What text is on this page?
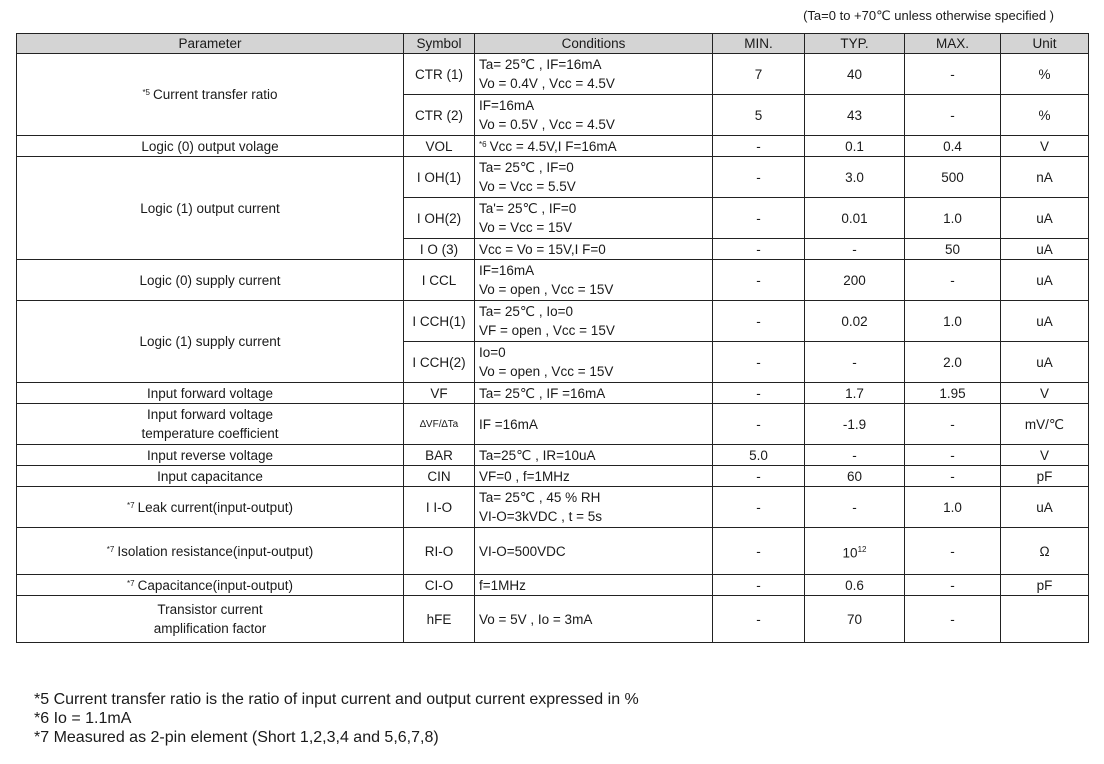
(Ta=0 to +70℃ unless otherwise specified )
Parameter	Symbol	Conditions	MIN.	TYP.	MAX.	Unit
$^{*5}$ Current transfer ratio	CTR (1)	Ta= 25℃ , IF=16mA
Vo = 0.4V , Vcc = 4.5V	7	40	-	%
	CTR (2)	IF=16mA
Vo = 0.5V , Vcc = 4.5V	5	43	-	%
Logic (0) output volage	VOL	$^{*6}$ Vcc = 4.5V,I F=16mA	-	0.1	0.4	V
Logic (1) output current	I OH(1)	Ta= 25℃ , IF=0
Vo = Vcc = 5.5V	-	3.0	500	nA
	I OH(2)	Ta'= 25℃ , IF=0
Vo = Vcc = 15V	-	0.01	1.0	uA
	I O (3)	Vcc = Vo = 15V,I F=0	-	-	50	uA
Logic (0) supply current	I CCL	IF=16mA
Vo = open , Vcc = 15V	-	200	-	uA
Logic (1) supply current	I CCH(1)	Ta= 25℃ , Io=0
VF = open , Vcc = 15V	-	0.02	1.0	uA
	I CCH(2)	Io=0
Vo = open , Vcc = 15V	-	-	2.0	uA
Input forward voltage	VF	Ta= 25℃ , IF =16mA	-	1.7	1.95	V

Input forward voltage
temperature coefficient	∆VF/∆Ta	IF =16mA	-	-1.9	-	mV/℃
Input reverse voltage	BAR	Ta=25℃ , IR=10uA	5.0	-	-	V
Input capacitance	CIN	VF=0 , f=1MHz	-	60	-	pF
$^{*7}$ Leak current(input-output)	I I-O	Ta= 25℃ , 45 % RH
VI-O=3kVDC , t = 5s	-	-	1.0	uA
$^{*7}$ Isolation resistance(input-output)	RI-O	VI-O=500VDC	-	$10^{12}$	-	Ω
$^{*7}$ Capacitance(input-output)	CI-O	f=1MHz	-	0.6	-	pF

Transistor current
amplification factor	hFE	Vo = 5V , Io = 3mA	-	70	-	
*5 Current transfer ratio is the ratio of input current and output current expressed in %
*6 Io = 1.1mA
*7 Measured as 2-pin element (Short 1,2,3,4 and 5,6,7,8)
